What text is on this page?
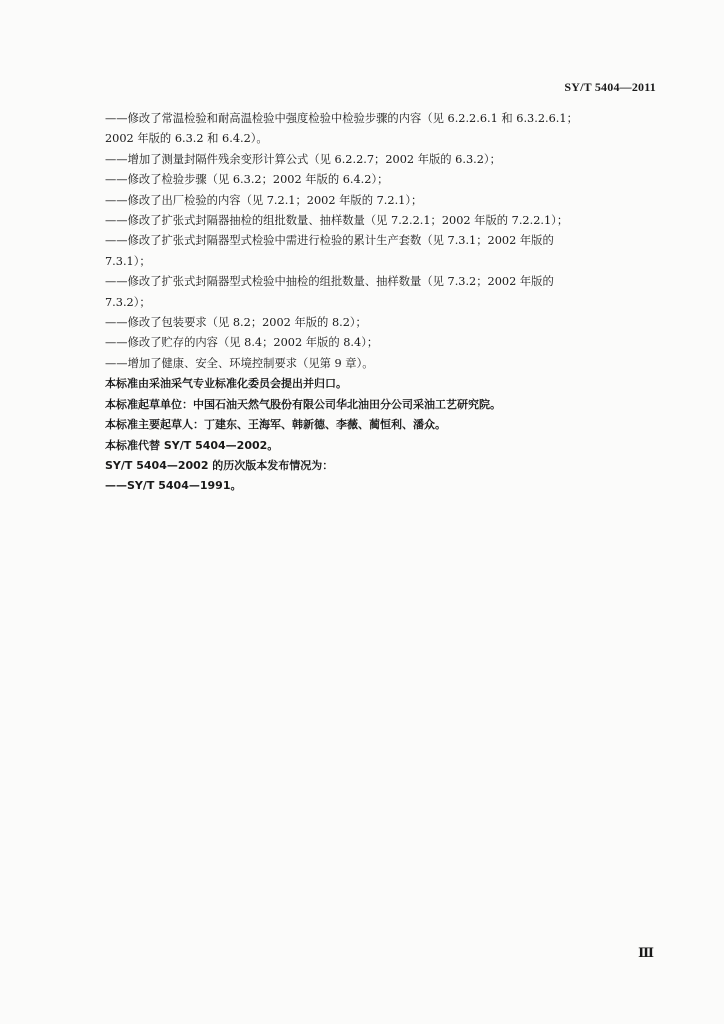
SY/T 5404—2011
——修改了常温检验和耐高温检验中强度检验中检验步骤的内容（见 6.2.2.6.1 和 6.3.2.6.1；
2002 年版的 6.3.2 和 6.4.2）。
——增加了测量封隔件残余变形计算公式（见 6.2.2.7；2002 年版的 6.3.2）；
——修改了检验步骤（见 6.3.2；2002 年版的 6.4.2）；
——修改了出厂检验的内容（见 7.2.1；2002 年版的 7.2.1）；
——修改了扩张式封隔器抽检的组批数量、抽样数量（见 7.2.2.1；2002 年版的 7.2.2.1）；
——修改了扩张式封隔器型式检验中需进行检验的累计生产套数（见 7.3.1；2002 年版的
7.3.1）；
——修改了扩张式封隔器型式检验中抽检的组批数量、抽样数量（见 7.3.2；2002 年版的
7.3.2）；
——修改了包装要求（见 8.2；2002 年版的 8.2）；
——修改了贮存的内容（见 8.4；2002 年版的 8.4）；
——增加了健康、安全、环境控制要求（见第 9 章）。
本标准由采油采气专业标准化委员会提出并归口。
本标准起草单位：中国石油天然气股份有限公司华北油田分公司采油工艺研究院。
本标准主要起草人：丁建东、王海军、韩新德、李薇、蔺恒利、潘众。
本标准代替 SY/T 5404—2002。
SY/T 5404—2002 的历次版本发布情况为：
——SY/T 5404—1991。
Ⅲ
